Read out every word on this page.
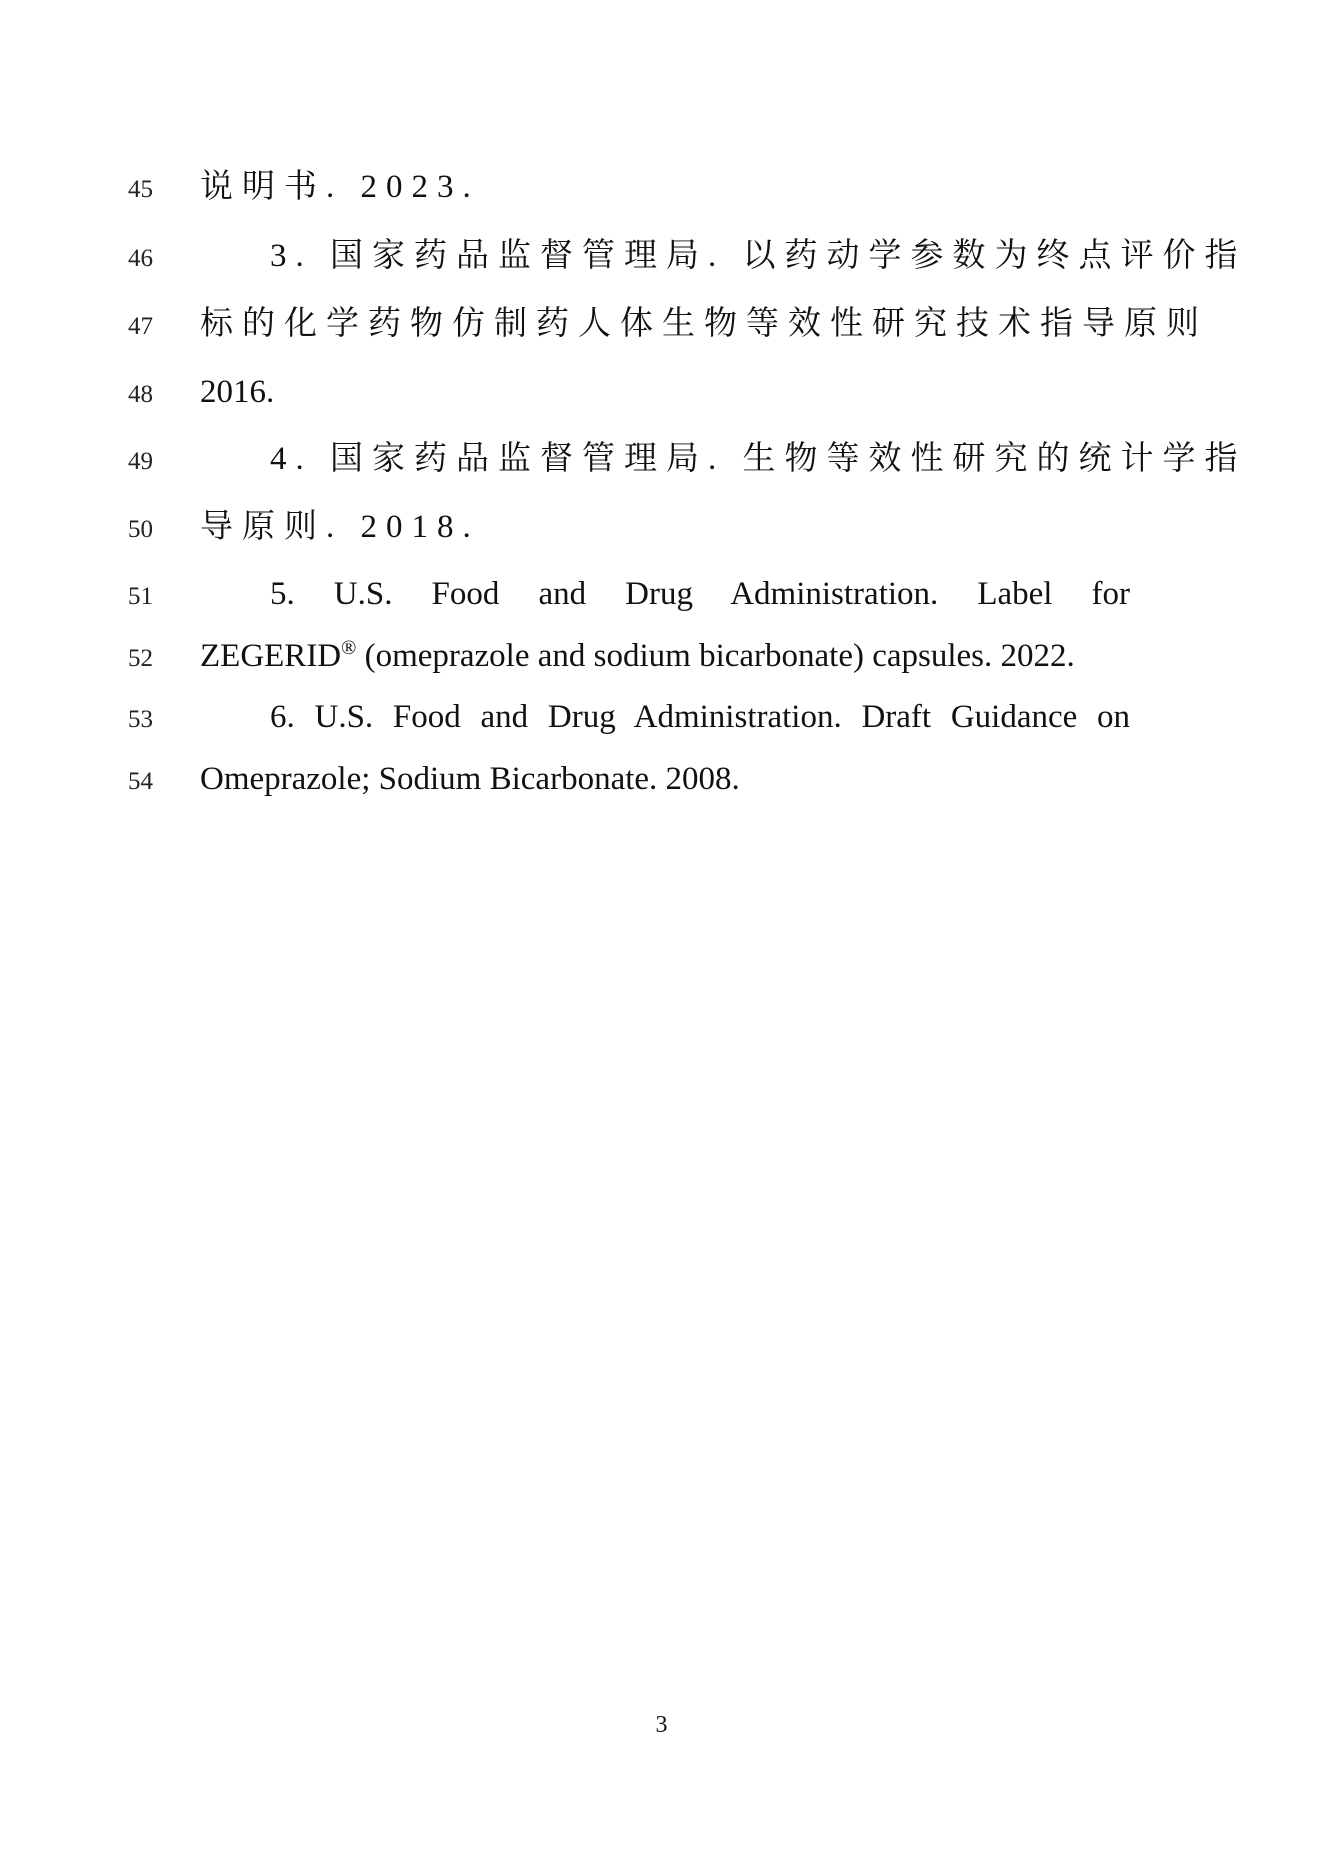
45	说明书. 2023.
46	3. 国家药品监督管理局. 以药动学参数为终点评价指
47	标的化学药物仿制药人体生物等效性研究技术指导原则
48	2016.
49	4. 国家药品监督管理局. 生物等效性研究的统计学指
50	导原则. 2018.
51	5. U.S. Food and Drug Administration. Label for
52	ZEGERID® (omeprazole and sodium bicarbonate) capsules. 2022.
53	6. U.S. Food and Drug Administration. Draft Guidance on
54	Omeprazole; Sodium Bicarbonate. 2008.
3
